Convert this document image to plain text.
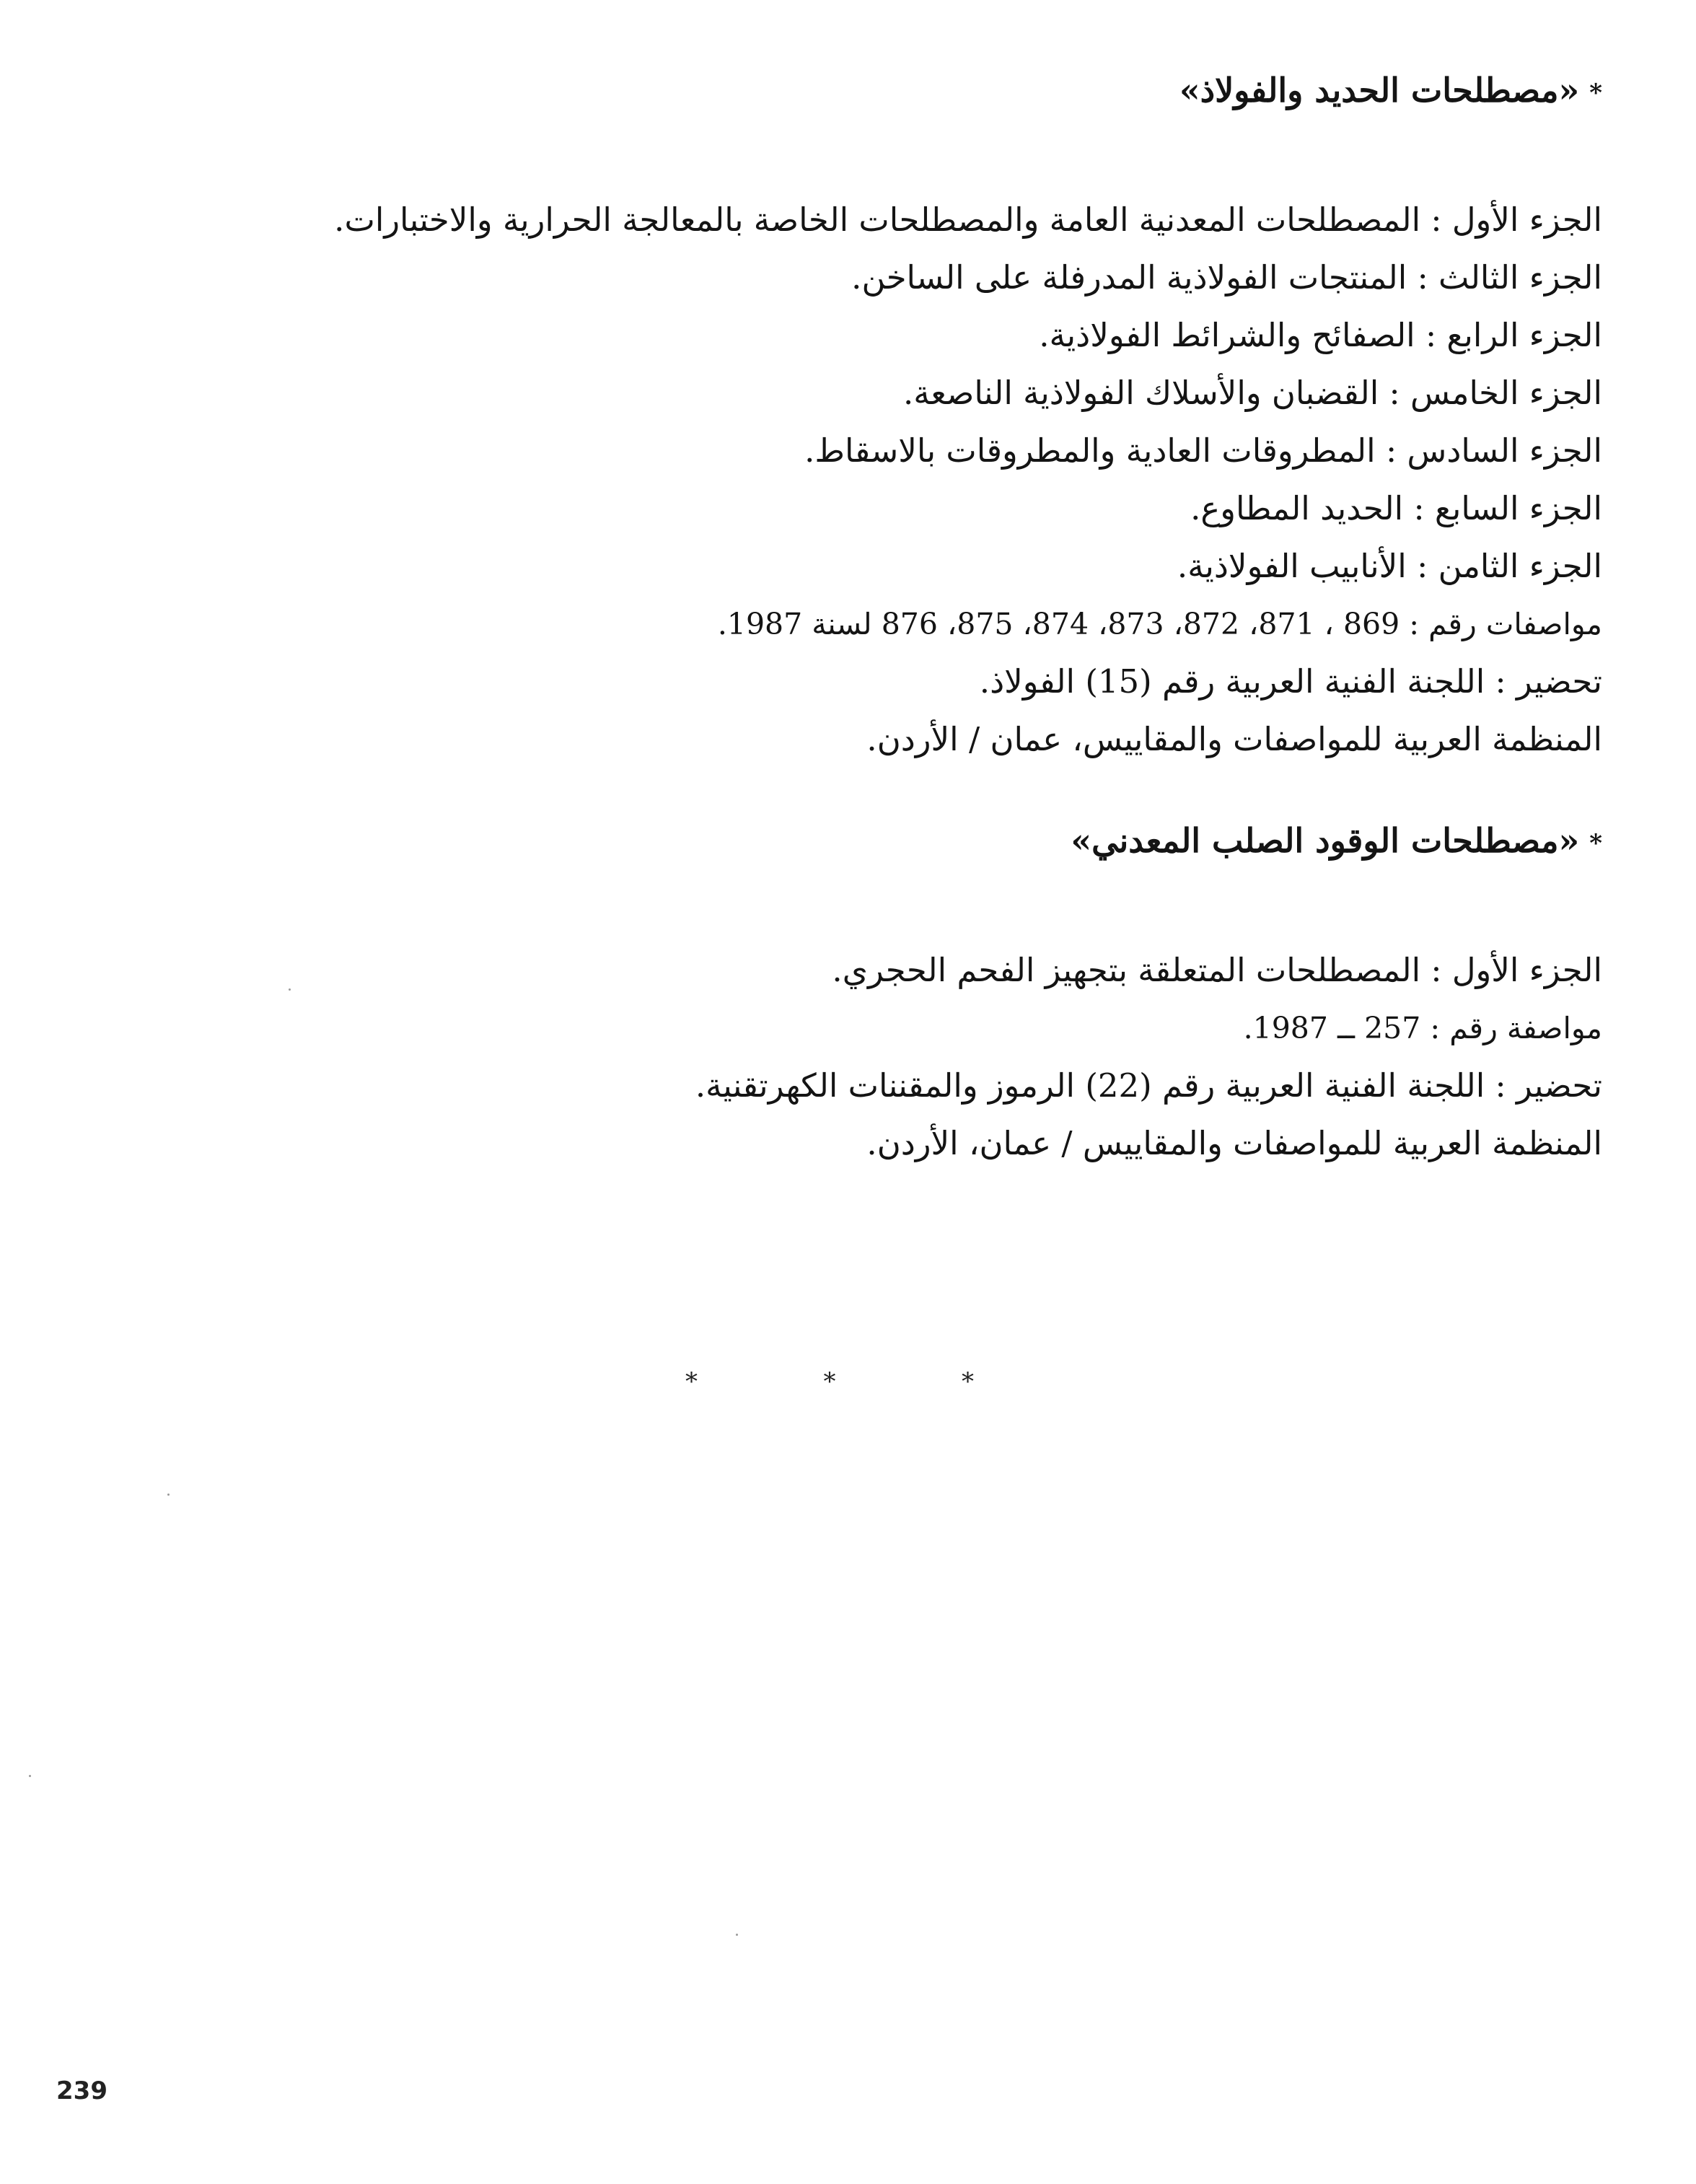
*«مصطلحات الحديد والفولاذ»
الجزء الأول : المصطلحات المعدنية العامة والمصطلحات الخاصة بالمعالجة الحرارية والاختبارات.
الجزء الثالث : المنتجات الفولاذية المدرفلة على الساخن.
الجزء الرابع : الصفائح والشرائط الفولاذية.
الجزء الخامس : القضبان والأسلاك الفولاذية الناصعة.
الجزء السادس : المطروقات العادية والمطروقات بالاسقاط.
الجزء السابع : الحديد المطاوع.
الجزء الثامن : الأنابيب الفولاذية.
مواصفات رقم : 869 ، 871، 872، 873، 874، 875، 876 لسنة 1987.
تحضير : اللجنة الفنية العربية رقم (15) الفولاذ.
المنظمة العربية للمواصفات والمقاييس، عمان / الأردن.
*«مصطلحات الوقود الصلب المعدني»
الجزء الأول : المصطلحات المتعلقة بتجهيز الفحم الحجري.
مواصفة رقم : 257 ــ 1987.
تحضير : اللجنة الفنية العربية رقم (22) الرموز والمقننات الكهرتقنية.
المنظمة العربية للمواصفات والمقاييس / عمان، الأردن.
*	*	*
239
